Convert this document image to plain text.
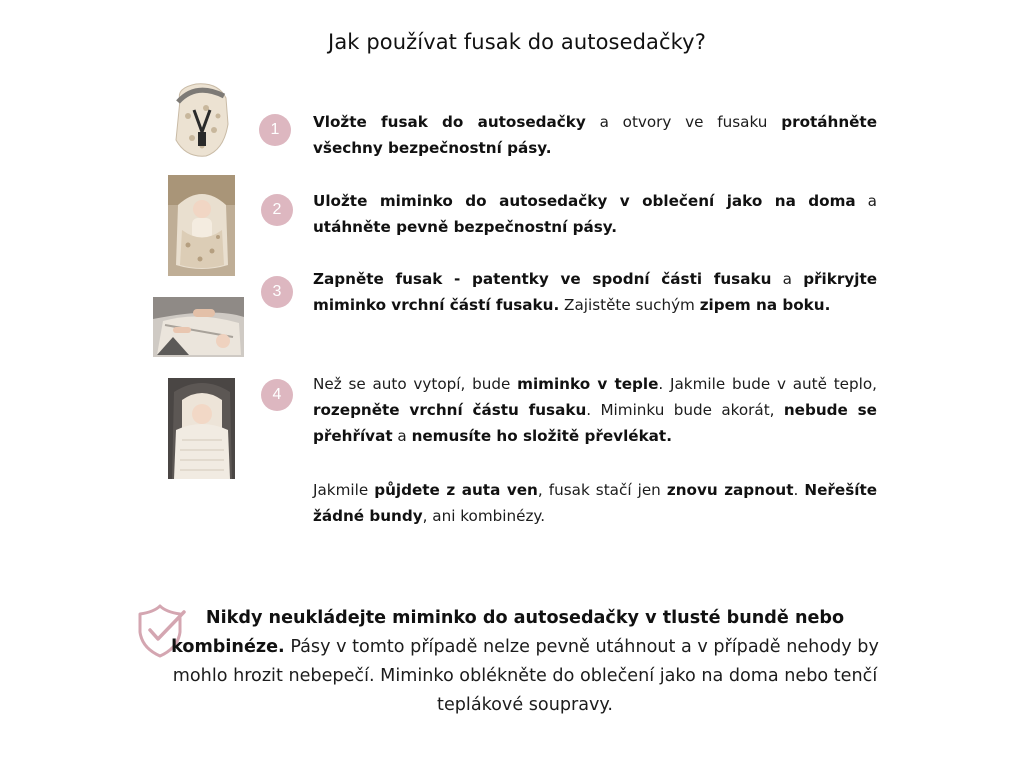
Jak používat fusak do autosedačky?
1
2
3
4
Vložte fusak do autosedačky a otvory ve fusaku protáhněte všechny bezpečnostní pásy.
Uložte miminko do autosedačky v oblečení jako na doma a utáhněte pevně bezpečnostní pásy.
Zapněte fusak - patentky ve spodní části fusaku a přikryjte miminko vrchní částí fusaku. Zajistěte suchým zipem na boku.
Než se auto vytopí, bude miminko v teple. Jakmile bude v autě teplo, rozepněte vrchní částu fusaku. Miminku bude akorát, nebude se přehřívat a nemusíte ho složitě převlékat.
Jakmile půjdete z auta ven, fusak stačí jen znovu zapnout. Neřešíte žádné bundy, ani kombinézy.
Nikdy neukládejte miminko do autosedačky v tlusté bundě nebo kombinéze. Pásy v tomto případě nelze pevně utáhnout a v případě nehody by mohlo hrozit nebepečí. Miminko oblékněte do oblečení jako na doma nebo tenčí teplákové soupravy.
